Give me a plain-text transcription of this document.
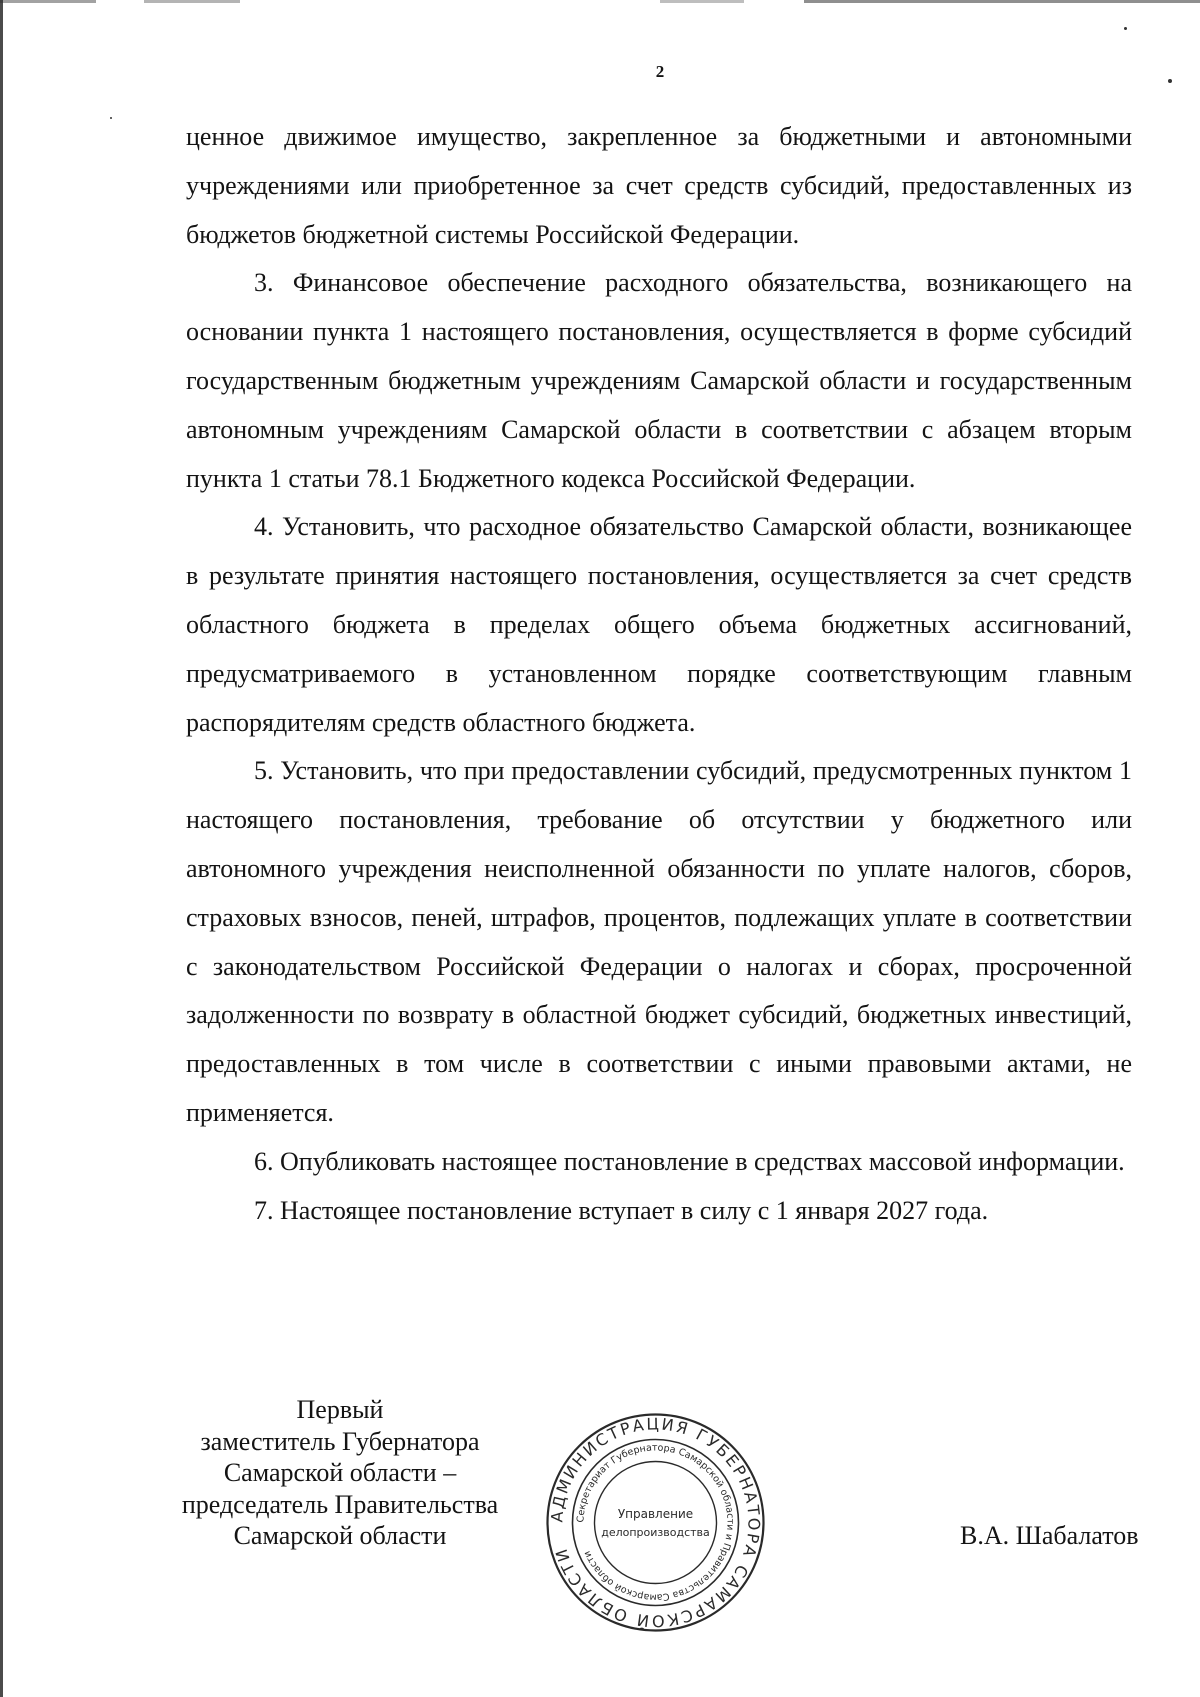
2

ценное движимое имущество, закрепленное за бюджетными и автономными учреждениями или приобретенное за счет средств субсидий, предоставленных из бюджетов бюджетной системы Российской Федерации.

3. Финансовое обеспечение расходного обязательства, возникающего на основании пункта 1 настоящего постановления, осуществляется в форме субсидий государственным бюджетным учреждениям Самарской области и государственным автономным учреждениям Самарской области в соответствии с абзацем вторым пункта 1 статьи 78.1 Бюджетного кодекса Российской Федерации.

4. Установить, что расходное обязательство Самарской области, возникающее в результате принятия настоящего постановления, осуществляется за счет средств областного бюджета в пределах общего объема бюджетных ассигнований, предусматриваемого в установленном порядке соответствующим главным распорядителям средств областного бюджета.

5. Установить, что при предоставлении субсидий, предусмотренных пунктом 1 настоящего постановления, требование об отсутствии у бюджетного или автономного учреждения неисполненной обязанности по уплате налогов, сборов, страховых взносов, пеней, штрафов, процентов, подлежащих уплате в соответствии с законодательством Российской Федерации о налогах и сборах, просроченной задолженности по возврату в областной бюджет субсидий, бюджетных инвестиций, предоставленных в том числе в соответствии с иными правовыми актами, не применяется.

6. Опубликовать настоящее постановление в средствах массовой информации.

7. Настоящее постановление вступает в силу с 1 января 2027 года.

Первый
заместитель Губернатора
Самарской области –
председатель Правительства
Самарской области
АДМИНИСТРАЦИЯ ГУБЕРНАТОРА САМАРСКОЙ ОБЛАСТИ
Секретариат Губернатора Самарской области и Правительства Самарской области
Управление
делопроизводства	В.А. Шабалатов
